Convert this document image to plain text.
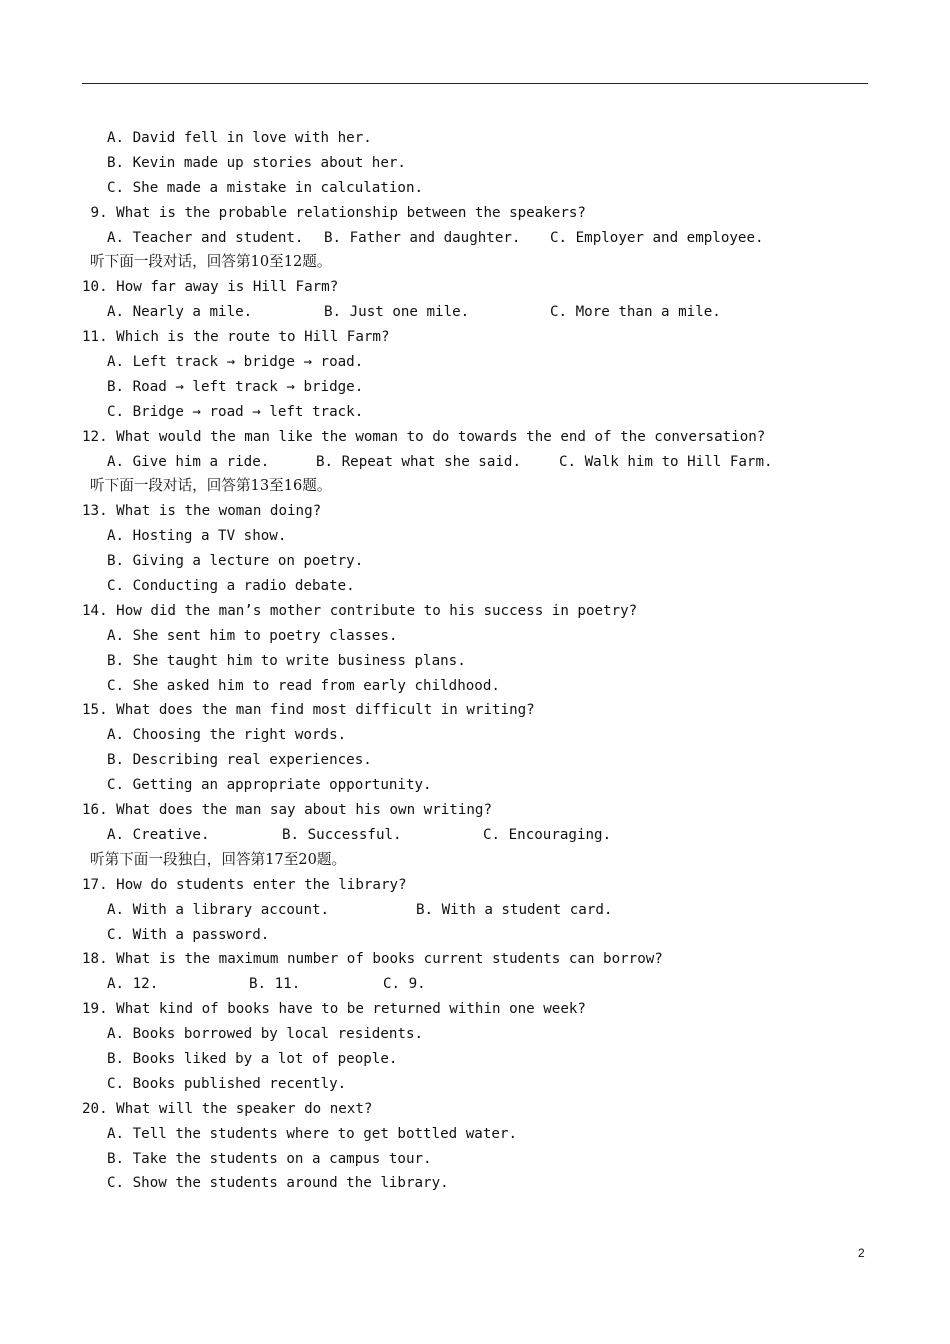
A. David fell in love with her.
B. Kevin made up stories about her.
C. She made a mistake in calculation.
9. What is the probable relationship between the speakers?
A. Teacher and student.	B. Father and daughter.	C. Employer and employee.
听下面一段对话，回答第10至12题。
10. How far away is Hill Farm?
A. Nearly a mile.	B. Just one mile.	C. More than a mile.
11. Which is the route to Hill Farm?
A. Left track → bridge → road.
B. Road → left track → bridge.
C. Bridge → road → left track.
12. What would the man like the woman to do towards the end of the conversation?
A. Give him a ride.	B. Repeat what she said.	C. Walk him to Hill Farm.
听下面一段对话，回答第13至16题。
13. What is the woman doing?
A. Hosting a TV show.
B. Giving a lecture on poetry.
C. Conducting a radio debate.
14. How did the man’s mother contribute to his success in poetry?
A. She sent him to poetry classes.
B. She taught him to write business plans.
C. She asked him to read from early childhood.
15. What does the man find most difficult in writing?
A. Choosing the right words.
B. Describing real experiences.
C. Getting an appropriate opportunity.
16. What does the man say about his own writing?
A. Creative.	B. Successful.	C. Encouraging.
听第下面一段独白，回答第17至20题。
17. How do students enter the library?
A. With a library account.	B. With a student card.
C. With a password.
18. What is the maximum number of books current students can borrow?
A. 12.	B. 11.	C. 9.
19. What kind of books have to be returned within one week?
A. Books borrowed by local residents.
B. Books liked by a lot of people.
C. Books published recently.
20. What will the speaker do next?
A. Tell the students where to get bottled water.
B. Take the students on a campus tour.
C. Show the students around the library.
2
